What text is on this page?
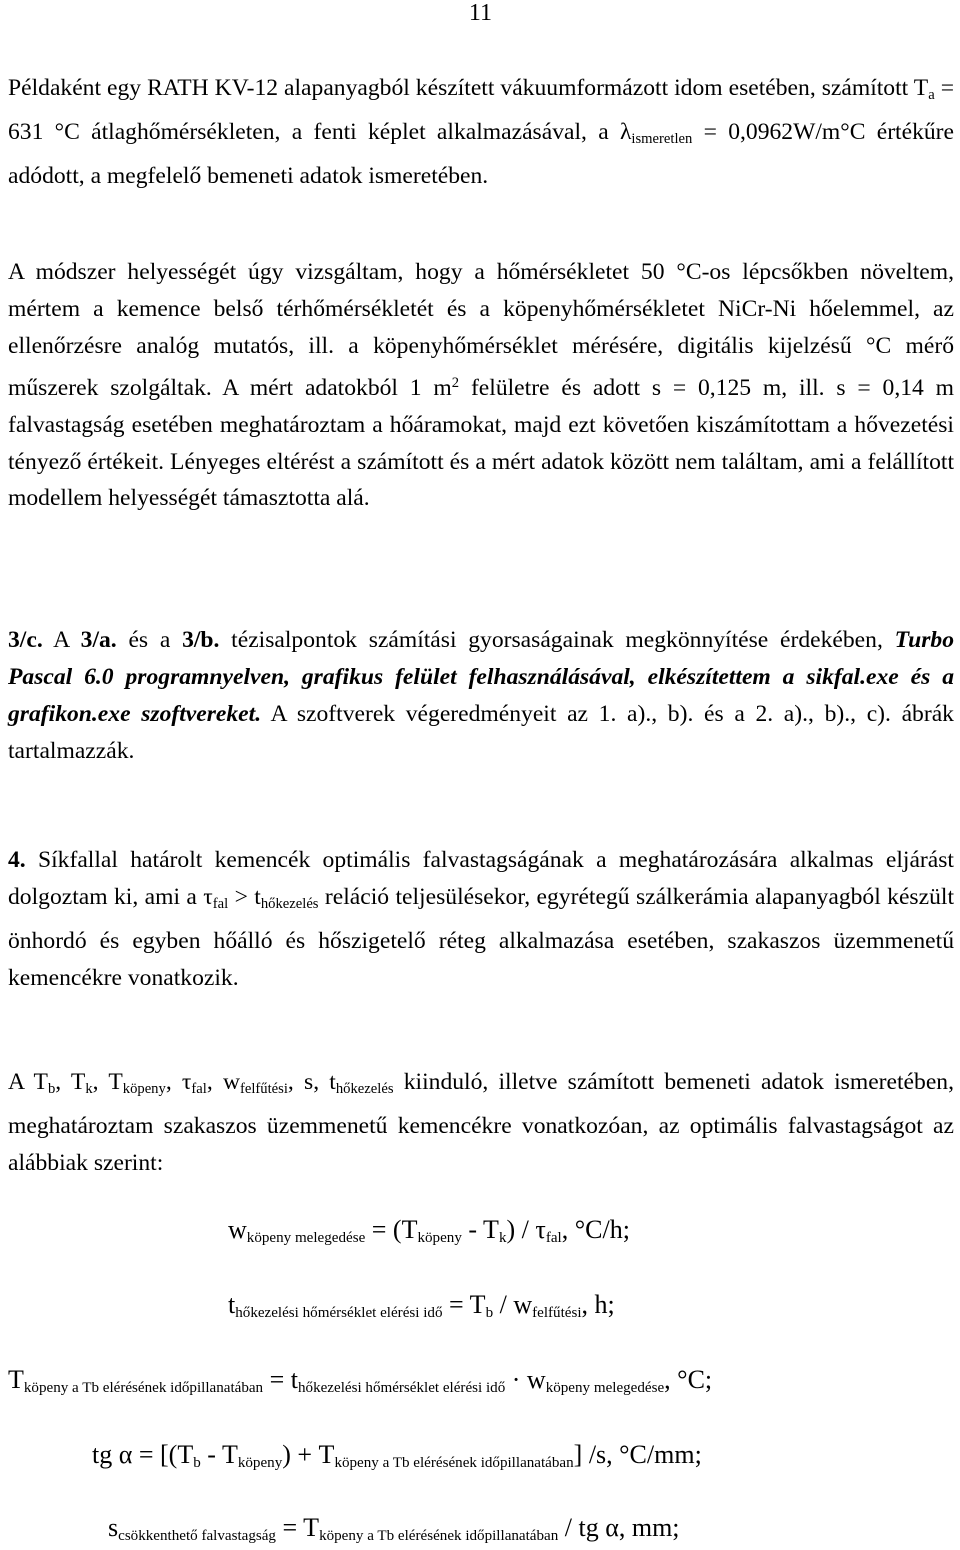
11
Példaként egy RATH KV-12 alapanyagból készített vákuumformázott idom esetében, számított $T_a = 631$ °C átlaghőmérsékleten, a fenti képlet alkalmazásával, a $\lambda_{ismeretlen} = 0,0962W/m^\circ C$ értékűre adódott, a megfelelő bemeneti adatok ismeretében.
A módszer helyességét úgy vizsgáltam, hogy a hőmérsékletet 50 °C-os lépcsőkben növeltem, mértem a kemence belső térhőmérsékletét és a köpenyhőmérsékletet NiCr-Ni hőelemmel, az ellenőrzésre analóg mutatós, ill. a köpenyhőmérséklet mérésére, digitális kijelzésű °C mérő műszerek szolgáltak. A mért adatokból 1 $m^2$ felületre és adott s = 0,125 m, ill. s = 0,14 m falvastagság esetében meghatároztam a hőáramokat, majd ezt követően kiszámítottam a hővezetési tényező értékeit. Lényeges eltérést a számított és a mért adatok között nem találtam, ami a felállított modellem helyességét támasztotta alá.
3/c. A 3/a. és a 3/b. tézisalpontok számítási gyorsaságainak megkönnyítése érdekében, Turbo Pascal 6.0 programnyelven, grafikus felület felhasználásával, elkészítettem a sikfal.exe és a grafikon.exe szoftvereket. A szoftverek végeredményeit az 1. a)., b). és a 2. a)., b)., c). ábrák tartalmazzák.
4. Síkfallal határolt kemencék optimális falvastagságának a meghatározására alkalmas eljárást dolgoztam ki, ami a $\tau_{fal} > t_{hőkezelés}$ reláció teljesülésekor, egyrétegű szálkerámia alapanyagból készült önhordó és egyben hőálló és hőszigetelő réteg alkalmazása esetében, szakaszos üzemmenetű kemencékre vonatkozik.
A $T_b$, $T_k$, $T_{köpeny}$, $\tau_{fal}$, $w_{felfűtési}$, s, $t_{hőkezelés}$ kiinduló, illetve számított bemeneti adatok ismeretében, meghatároztam szakaszos üzemmenetű kemencékre vonatkozóan, az optimális falvastagságot az alábbiak szerint:
$w_{köpeny melegedése} = (T_{köpeny} - T_k) / \tau_{fal}$, °C/h;
$t_{hőkezelési hőmérséklet elérési idő} = T_b / w_{felfűtési}$, h;
$T_{köpeny a Tb elérésének időpillanatában} = t_{hőkezelési hőmérséklet elérési idő} \cdot w_{köpeny melegedése}$, °C;
tg $\alpha = [(T_b - T_{köpeny}) + T_{köpeny a Tb elérésének időpillanatában}]$ /s, °C/mm;
$s_{csökkenthető falvastagság} = T_{köpeny a Tb elérésének időpillanatában}$ / tg α, mm;
